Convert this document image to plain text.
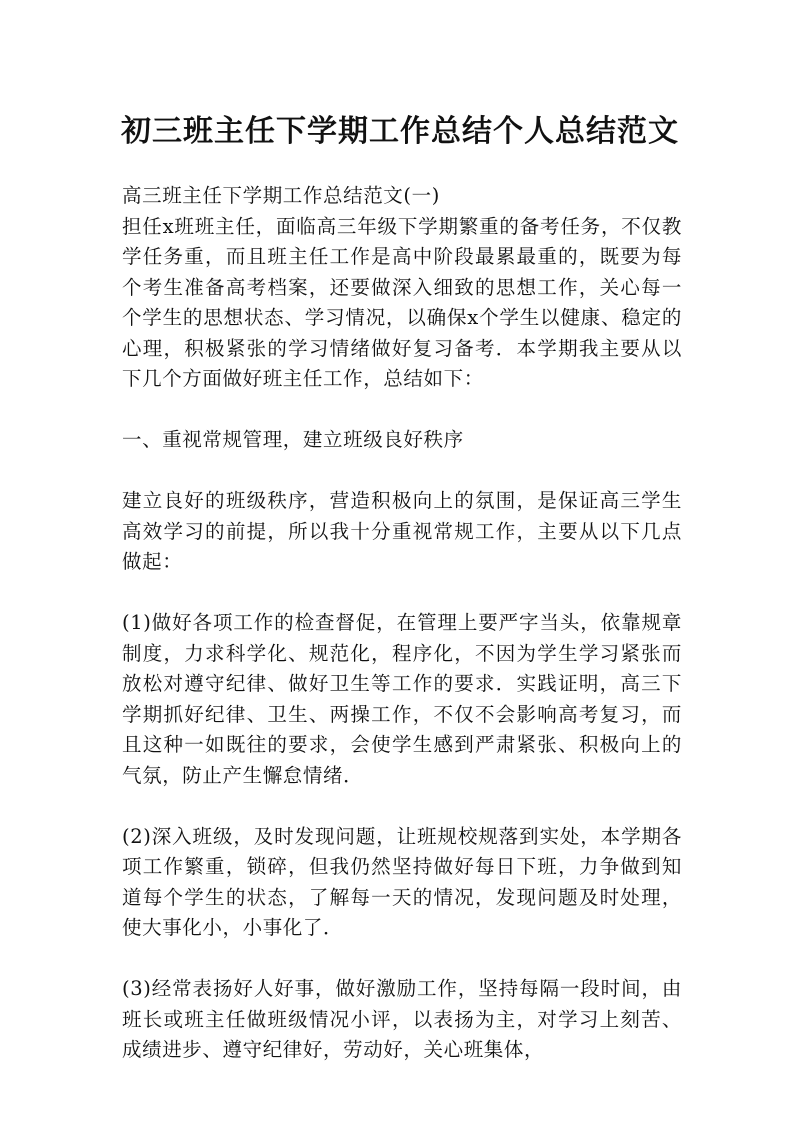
初三班主任下学期工作总结个人总结范文

高三班主任下学期工作总结范文(一)

担任x班班主任，面临高三年级下学期繁重的备考任务，不仅教学任务重，而且班主任工作是高中阶段最累最重的，既要为每个考生准备高考档案，还要做深入细致的思想工作，关心每一个学生的思想状态、学习情况，以确保x个学生以健康、稳定的心理，积极紧张的学习情绪做好复习备考．本学期我主要从以下几个方面做好班主任工作，总结如下：

一、重视常规管理，建立班级良好秩序

建立良好的班级秩序，营造积极向上的氛围，是保证高三学生高效学习的前提，所以我十分重视常规工作，主要从以下几点做起：

(1)做好各项工作的检查督促，在管理上要严字当头，依靠规章制度，力求科学化、规范化，程序化，不因为学生学习紧张而放松对遵守纪律、做好卫生等工作的要求．实践证明，高三下学期抓好纪律、卫生、两操工作，不仅不会影响高考复习，而且这种一如既往的要求，会使学生感到严肃紧张、积极向上的气氛，防止产生懈怠情绪．

(2)深入班级，及时发现问题，让班规校规落到实处，本学期各项工作繁重，锁碎，但我仍然坚持做好每日下班，力争做到知道每个学生的状态，了解每一天的情况，发现问题及时处理，使大事化小，小事化了．

(3)经常表扬好人好事，做好激励工作，坚持每隔一段时间，由班长或班主任做班级情况小评，以表扬为主，对学习上刻苦、成绩进步、遵守纪律好，劳动好，关心班集体，
